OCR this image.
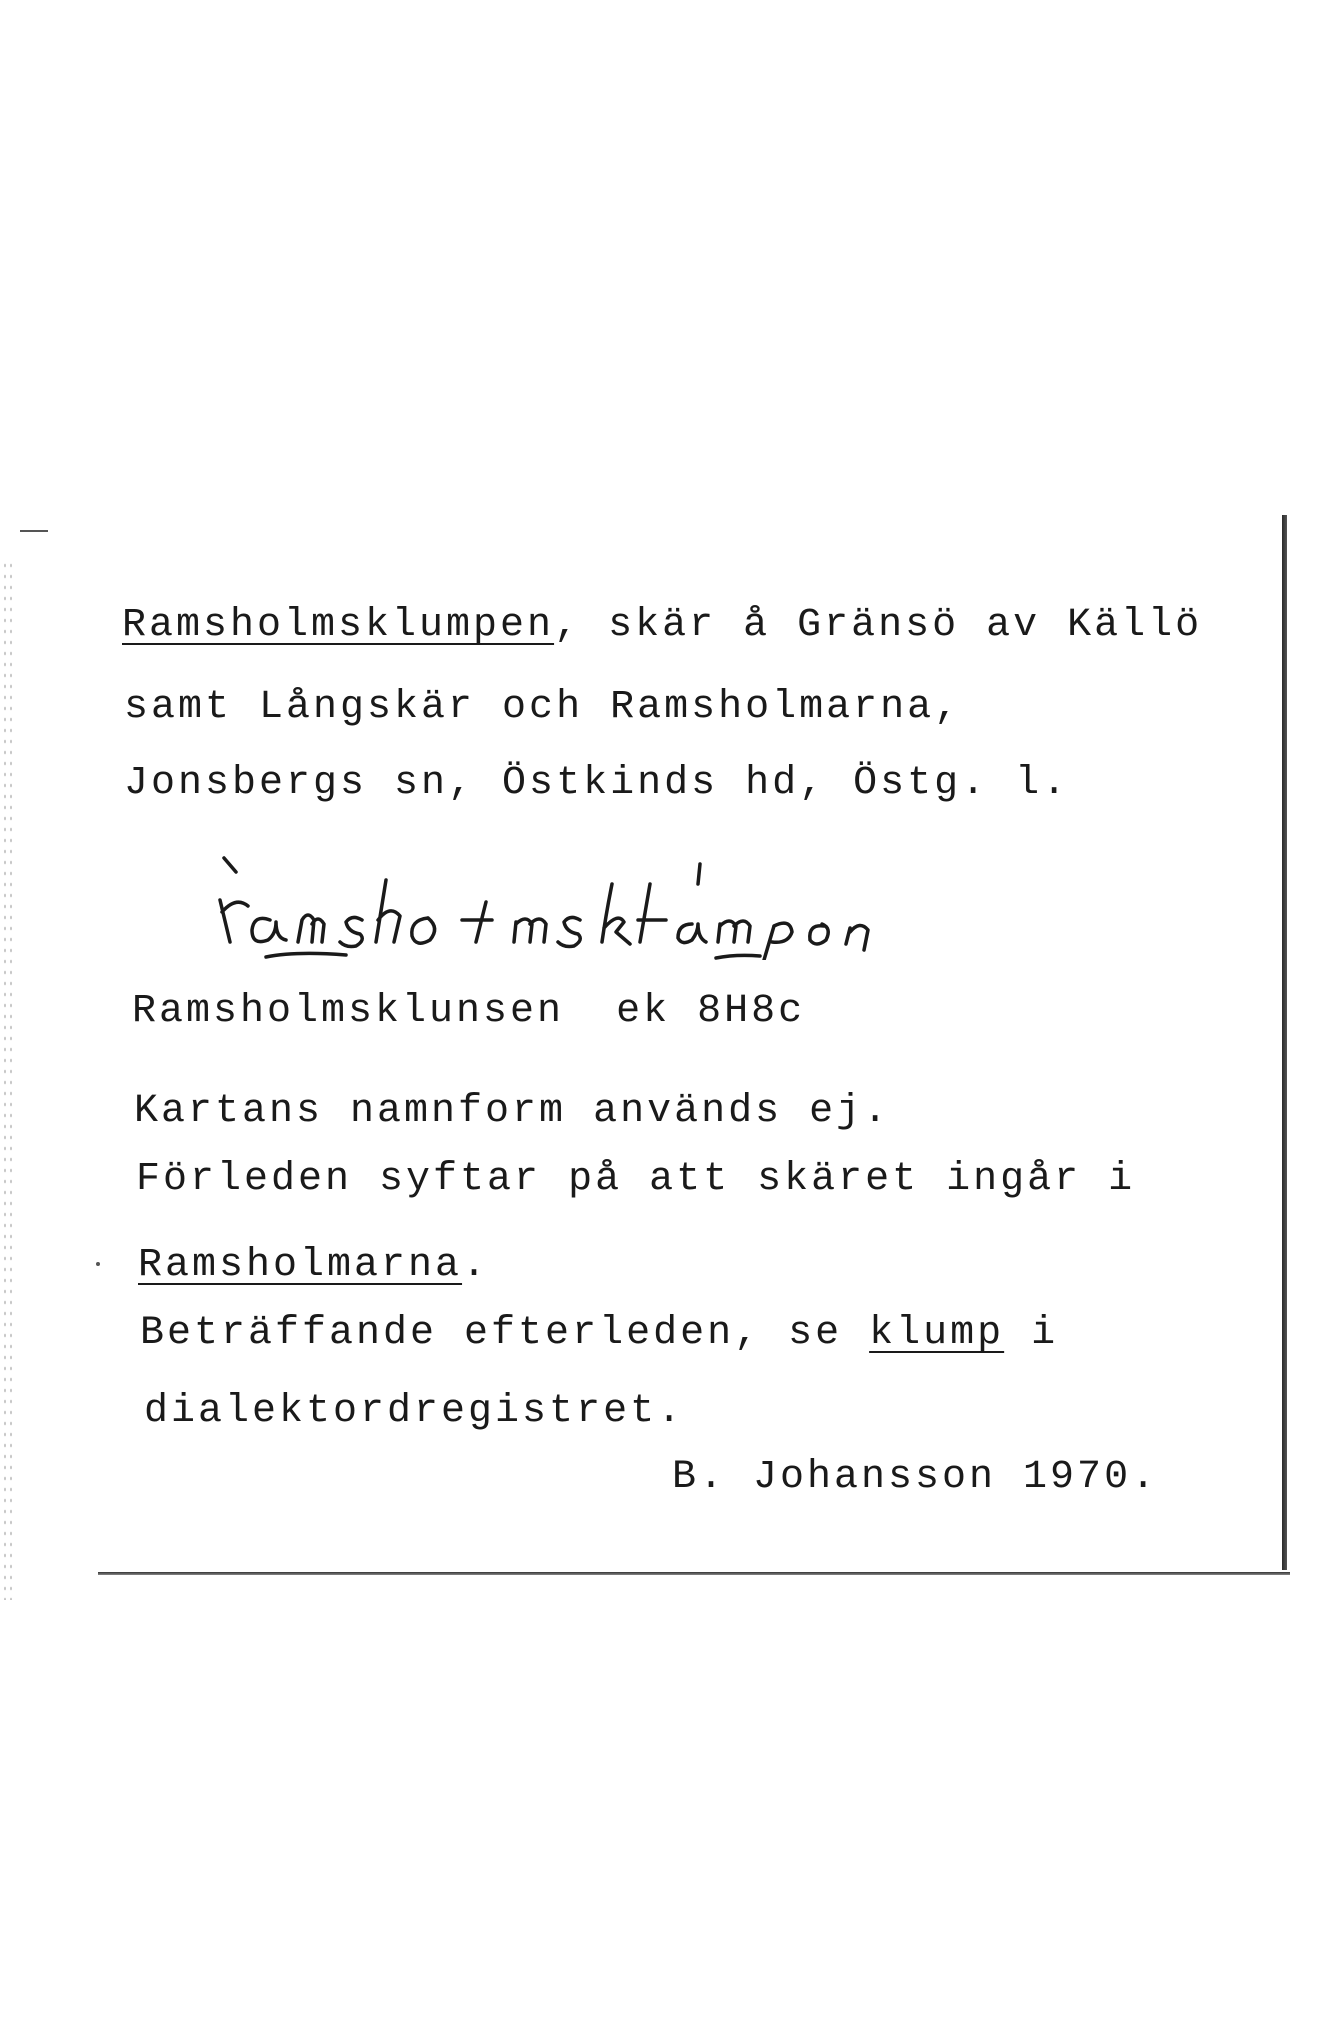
Ramsholmsklumpen, skär å Gränsö av Källö
samt Långskär och Ramsholmarna,
Jonsbergs sn, Östkinds hd, Östg. l.
Ramsholmsklunsen ek 8H8c
Kartans namnform används ej.
Förleden syftar på att skäret ingår i
Ramsholmarna.
Beträffande efterleden, se klump i
dialektordregistret.
B. Johansson 1970.
